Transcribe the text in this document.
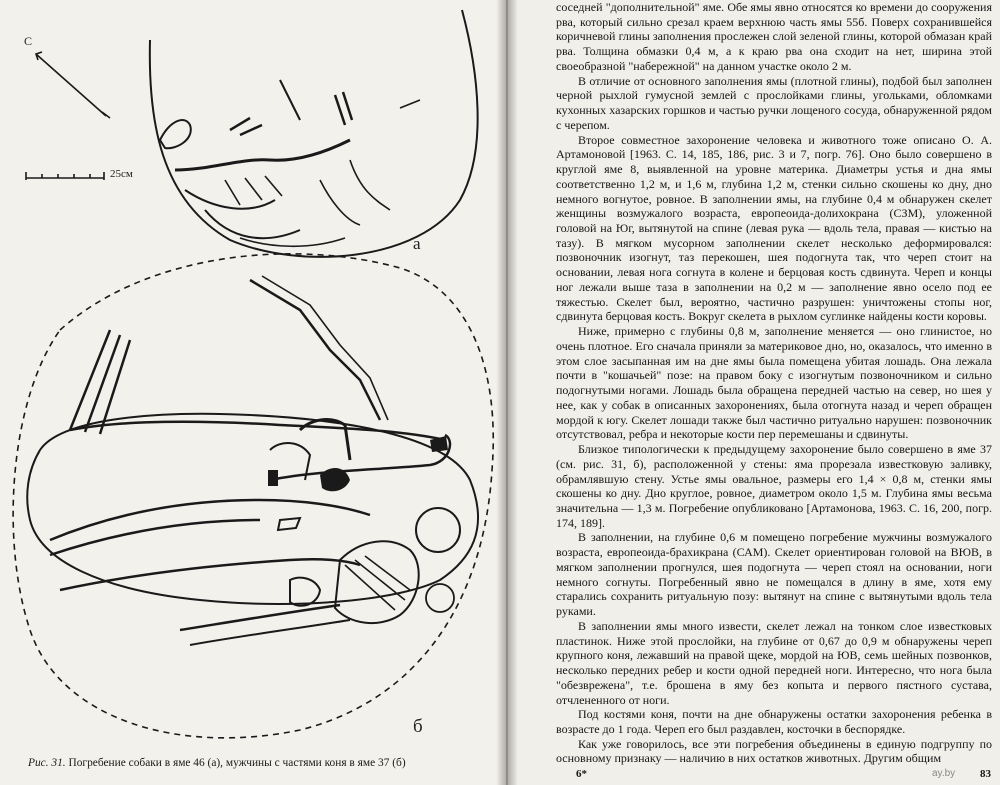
С
25см
а
б
Рис. 31. Погребение собаки в яме 46 (а), мужчины с частями коня в яме 37 (б)

соседней "дополнительной" яме. Обе ямы явно относятся ко времени до сооружения рва, который сильно срезал краем верхнюю часть ямы 55б. Поверх сохранившейся коричневой глины заполнения прослежен слой зеленой глины, которой обмазан край рва. Толщина обмазки 0,4 м, а к краю рва она сходит на нет, ширина этой своеобразной "набережной" на данном участке около 2 м.

В отличие от основного заполнения ямы (плотной глины), подбой был заполнен черной рыхлой гумусной землей с прослойками глины, угольками, обломками кухонных хазарских горшков и частью ручки лощеного сосуда, обнаруженной рядом с черепом.

Второе совместное захоронение человека и животного тоже описано О. А. Артамоновой [1963. С. 14, 185, 186, рис. 3 и 7, погр. 76]. Оно было совершено в круглой яме 8, выявленной на уровне материка. Диаметры устья и дна ямы соответственно 1,2 м, и 1,6 м, глубина 1,2 м, стенки сильно скошены ко дну, дно немного вогнутое, ровное. В заполнении ямы, на глубине 0,4 м обнаружен скелет женщины возмужалого возраста, европеоида-долихокрана (СЗМ), уложенной головой на Юг, вытянутой на спине (левая рука — вдоль тела, правая — кистью на тазу). В мягком мусорном заполнении скелет несколько деформировался: позвоночник изогнут, таз перекошен, шея подогнута так, что череп стоит на основании, левая нога согнута в колене и берцовая кость сдвинута. Череп и концы ног лежали выше таза в заполнении на 0,2 м — заполнение явно осело под ее тяжестью. Скелет был, вероятно, частично разрушен: уничтожены стопы ног, сдвинута берцовая кость. Вокруг скелета в рыхлом суглинке найдены кости коровы.

Ниже, примерно с глубины 0,8 м, заполнение меняется — оно глинистое, но очень плотное. Его сначала приняли за материковое дно, но, оказалось, что именно в этом слое засыпанная им на дне ямы была помещена убитая лошадь. Она лежала почти в "кошачьей" позе: на правом боку с изогнутым позвоночником и сильно подогнутыми ногами. Лошадь была обращена передней частью на север, но шея у нее, как у собак в описанных захоронениях, была отогнута назад и череп обращен мордой к югу. Скелет лошади также был частично ритуально нарушен: позвоночник отсутствовал, ребра и некоторые кости пер перемешаны и сдвинуты.

Близкое типологически к предыдущему захоронение было совершено в яме 37 (см. рис. 31, б), расположенной у стены: яма прорезала известковую заливку, обрамлявшую стену. Устье ямы овальное, размеры его 1,4 × 0,8 м, стенки ямы скошены ко дну. Дно круглое, ровное, диаметром около 1,5 м. Глубина ямы весьма значительна — 1,3 м. Погребение опубликовано [Артамонова, 1963. С. 16, 200, погр. 174, 189].

В заполнении, на глубине 0,6 м помещено погребение мужчины возмужалого возраста, европеоида-брахикрана (САМ). Скелет ориентирован головой на ВЮВ, в мягком заполнении прогнулся, шея подогнута — череп стоял на основании, ноги немного согнуты. Погребенный явно не помещался в длину в яме, хотя ему старались сохранить ритуальную позу: вытянут на спине с вытянутыми вдоль тела руками.

В заполнении ямы много извести, скелет лежал на тонком слое известковых пластинок. Ниже этой прослойки, на глубине от 0,67 до 0,9 м обнаружены череп крупного коня, лежавший на правой щеке, мордой на ЮВ, семь шейных позвонков, несколько передних ребер и кости одной передней ноги. Интересно, что нога была "обезврежена", т.е. брошена в яму без копыта и первого пястного сустава, отчлененного от ноги.

Под костями коня, почти на дне обнаружены остатки захоронения ребенка в возрасте до 1 года. Череп его был раздавлен, косточки в беспорядке.

Как уже говорилось, все эти погребения объединены в единую подгруппу по основному признаку — наличию в них остатков животных. Другим общим

6*	ay.by 83
